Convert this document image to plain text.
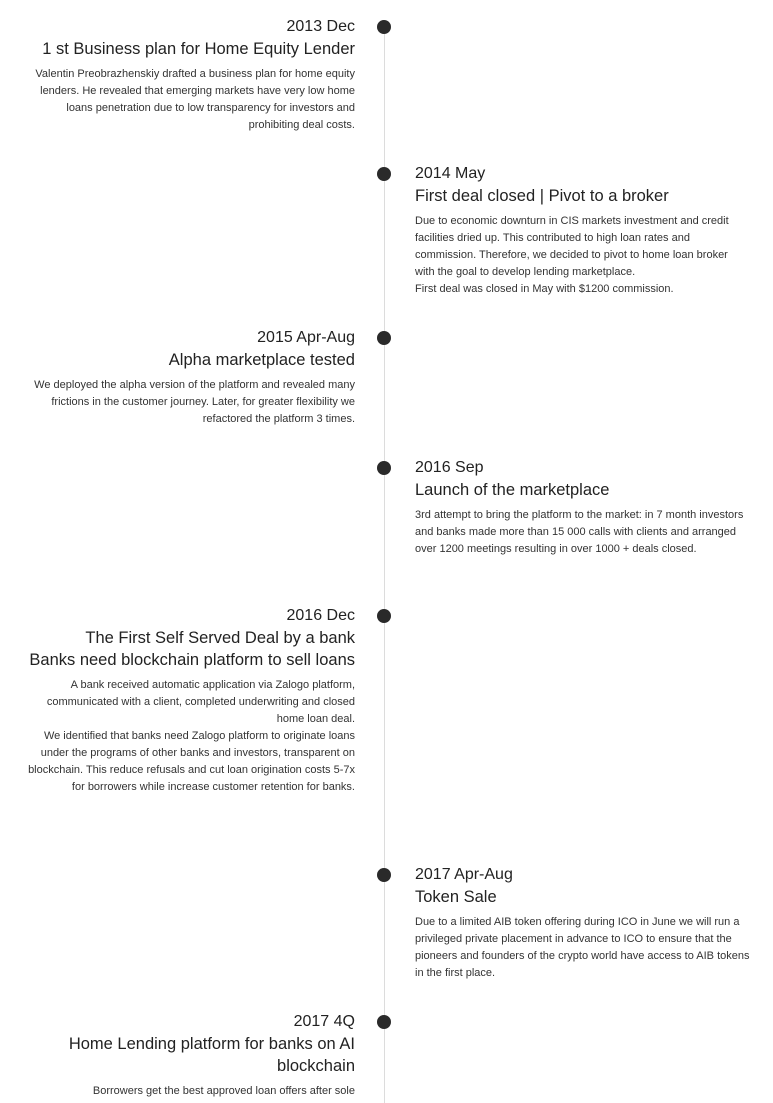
2013 Dec

1 st Business plan for Home Equity Lender

Valentin Preobrazhenskiy drafted a business plan for home equity lenders. He revealed that emerging markets have very low home loans penetration due to low transparency for investors and prohibiting deal costs.

2014 May

First deal closed | Pivot to a broker

Due to economic downturn in CIS markets investment and credit facilities dried up. This contributed to high loan rates and commission. Therefore, we decided to pivot to home loan broker with the goal to develop lending marketplace.
First deal was closed in May with $1200 commission.

2015 Apr-Aug

Alpha marketplace tested

We deployed the alpha version of the platform and revealed many frictions in the customer journey. Later, for greater flexibility we refactored the platform 3 times.

2016 Sep

Launch of the marketplace

3rd attempt to bring the platform to the market: in 7 month investors and banks made more than 15 000 calls with clients and arranged over 1200 meetings resulting in over 1000 + deals closed.

2016 Dec

The First Self Served Deal by a bank
Banks need blockchain platform to sell loans

A bank received automatic application via Zalogo platform, communicated with a client, completed underwriting and closed home loan deal.
We identified that banks need Zalogo platform to originate loans under the programs of other banks and investors, transparent on blockchain. This reduce refusals and cut loan origination costs 5-7x for borrowers while increase customer retention for banks.

2017 Apr-Aug

Token Sale

Due to a limited AIB token offering during ICO in June we will run a privileged private placement in advance to ICO to ensure that the pioneers and founders of the crypto world have access to AIB tokens in the first place.

2017 4Q

Home Lending platform for banks on AI blockchain

Borrowers get the best approved loan offers after sole
